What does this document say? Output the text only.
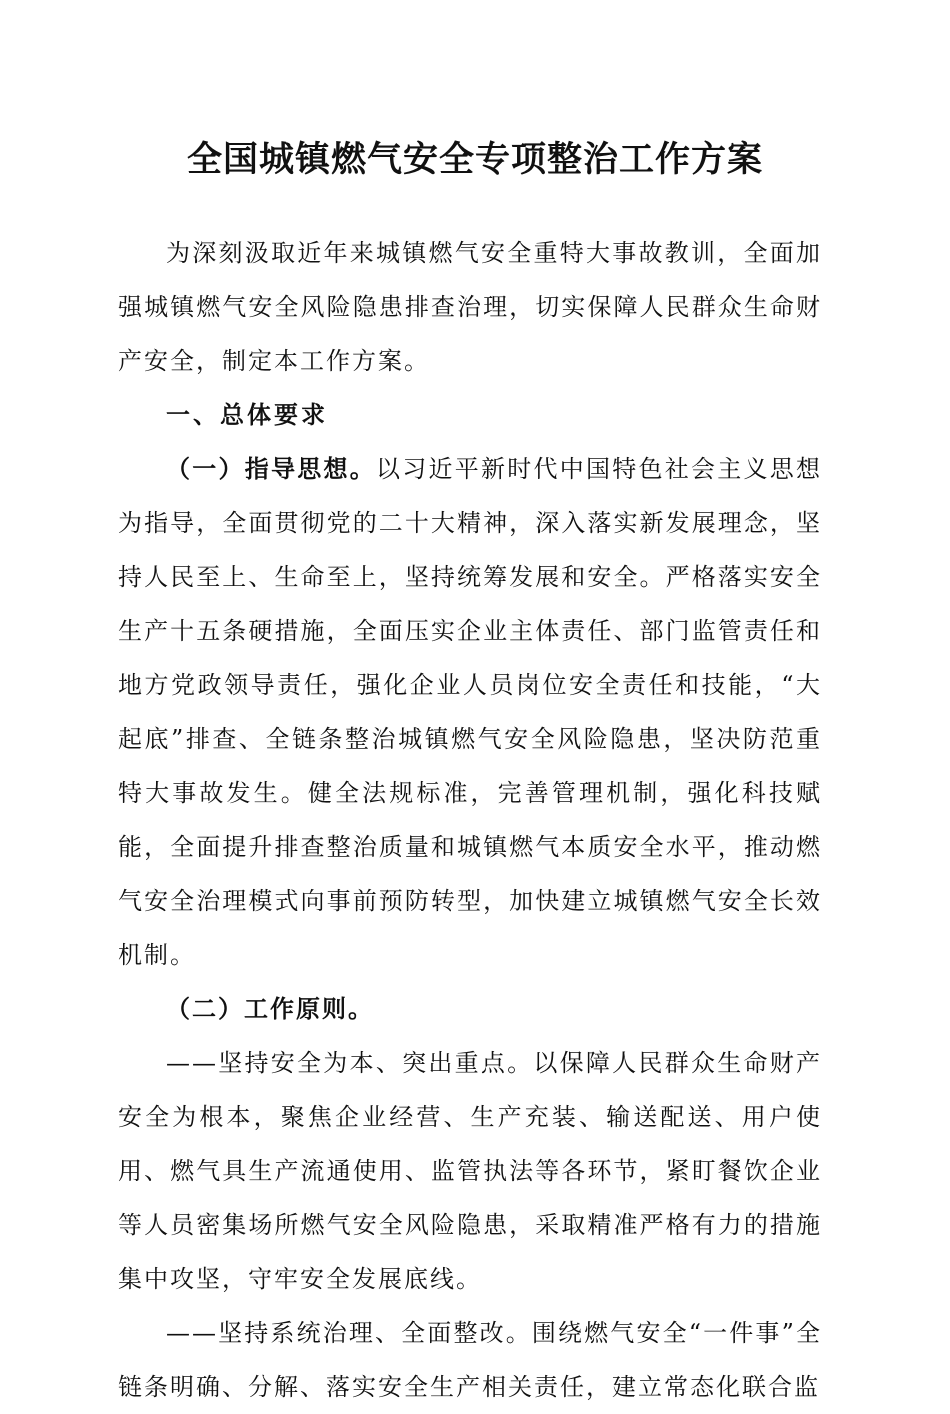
全国城镇燃气安全专项整治工作方案

为深刻汲取近年来城镇燃气安全重特大事故教训，全面加强城镇燃气安全风险隐患排查治理，切实保障人民群众生命财产安全，制定本工作方案。

一、总体要求

（一）指导思想。以习近平新时代中国特色社会主义思想为指导，全面贯彻党的二十大精神，深入落实新发展理念，坚持人民至上、生命至上，坚持统筹发展和安全。严格落实安全生产十五条硬措施，全面压实企业主体责任、部门监管责任和地方党政领导责任，强化企业人员岗位安全责任和技能，“大起底”排查、全链条整治城镇燃气安全风险隐患，坚决防范重特大事故发生。健全法规标准，完善管理机制，强化科技赋能，全面提升排查整治质量和城镇燃气本质安全水平，推动燃气安全治理模式向事前预防转型，加快建立城镇燃气安全长效机制。

（二）工作原则。

——坚持安全为本、突出重点。以保障人民群众生命财产安全为根本，聚焦企业经营、生产充装、输送配送、用户使用、燃气具生产流通使用、监管执法等各环节，紧盯餐饮企业等人员密集场所燃气安全风险隐患，采取精准严格有力的措施集中攻坚，守牢安全发展底线。

——坚持系统治理、全面整改。围绕燃气安全“一件事”全链条明确、分解、落实安全生产相关责任，建立常态化联合监
